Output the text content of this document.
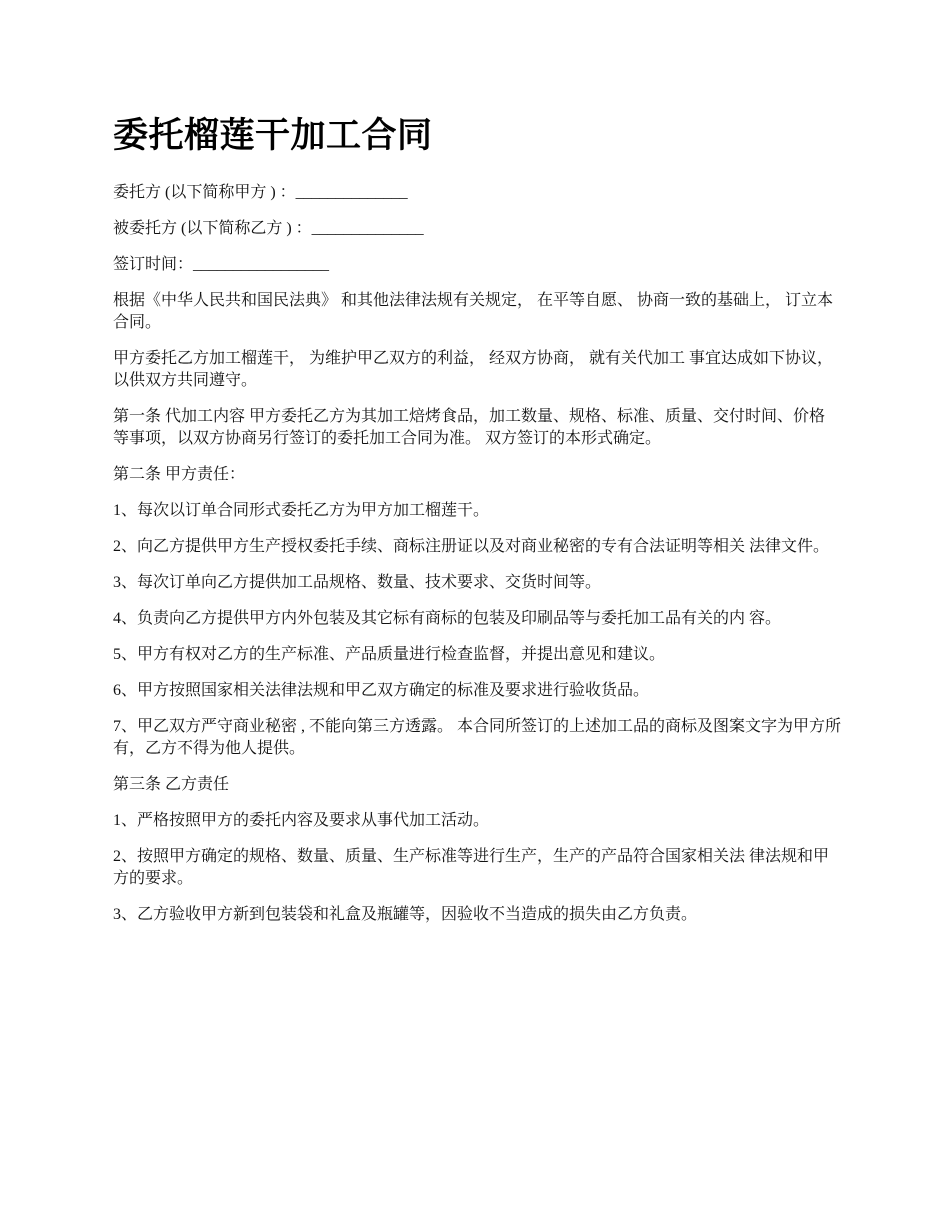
委托榴莲干加工合同

委托方 (以下简称甲方 ) ：______________

被委托方 (以下简称乙方 ) ：______________

签订时间：_________________

根据《中华人民共和国民法典》 和其他法律法规有关规定， 在平等自愿、 协商一致的基础上， 订立本合同。

甲方委托乙方加工榴莲干， 为维护甲乙双方的利益， 经双方协商， 就有关代加工 事宜达成如下协议，以供双方共同遵守。

第一条 代加工内容 甲方委托乙方为其加工焙烤食品，加工数量、规格、标准、质量、交付时间、价格 等事项，以双方协商另行签订的委托加工合同为准。 双方签订的本形式确定。

第二条 甲方责任：

1、每次以订单合同形式委托乙方为甲方加工榴莲干。

2、向乙方提供甲方生产授权委托手续、商标注册证以及对商业秘密的专有合法证明等相关 法律文件。

3、每次订单向乙方提供加工品规格、数量、技术要求、交货时间等。

4、负责向乙方提供甲方内外包装及其它标有商标的包装及印刷品等与委托加工品有关的内 容。

5、甲方有权对乙方的生产标准、产品质量进行检查监督，并提出意见和建议。

6、甲方按照国家相关法律法规和甲乙双方确定的标准及要求进行验收货品。

7、甲乙双方严守商业秘密 , 不能向第三方透露。 本合同所签订的上述加工品的商标及图案文字为甲方所有，乙方不得为他人提供。

第三条 乙方责任

1、严格按照甲方的委托内容及要求从事代加工活动。

2、按照甲方确定的规格、数量、质量、生产标准等进行生产，生产的产品符合国家相关法 律法规和甲方的要求。

3、乙方验收甲方新到包装袋和礼盒及瓶罐等，因验收不当造成的损失由乙方负责。
